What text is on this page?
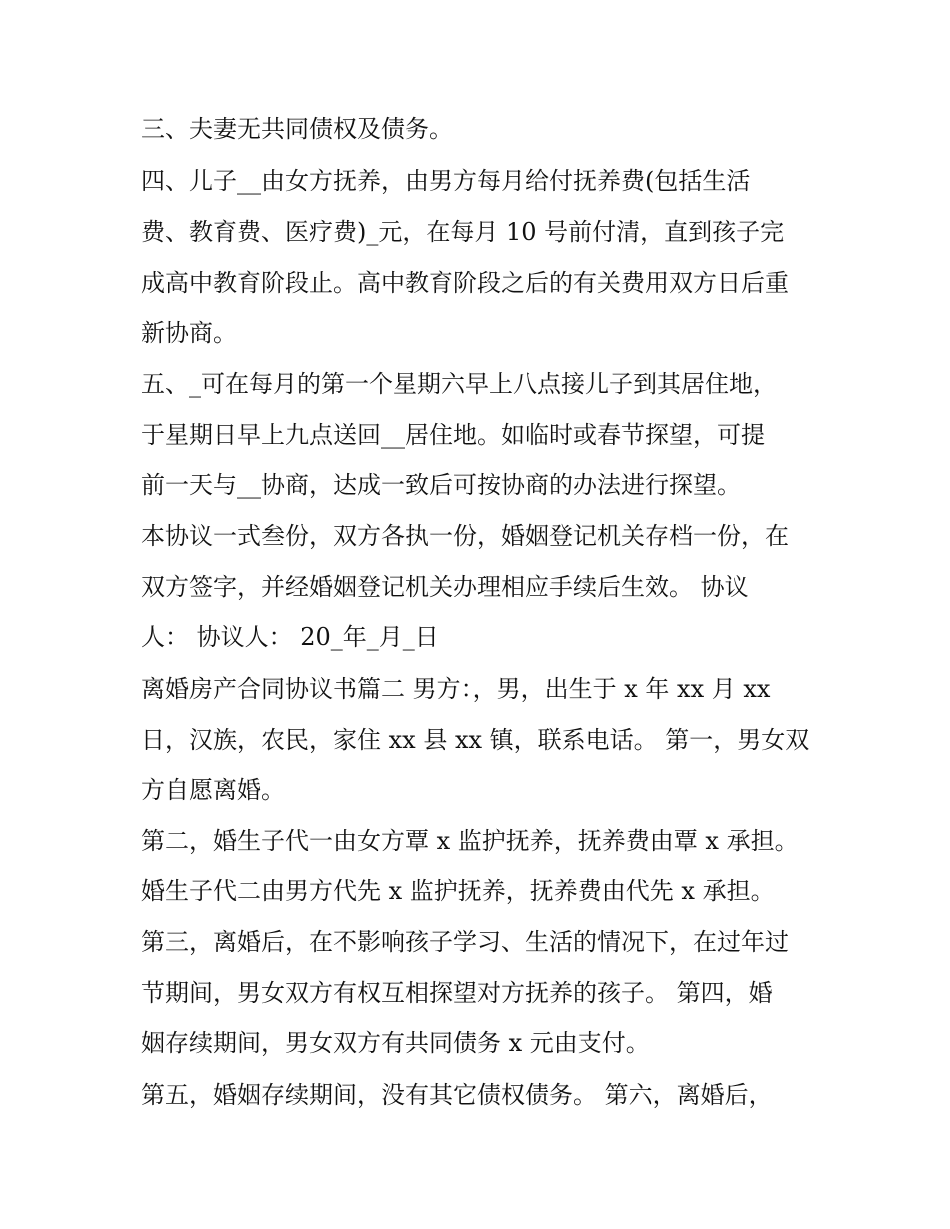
三、夫妻无共同债权及债务。
四、儿子__由女方抚养，由男方每月给付抚养费(包括生活
费、教育费、医疗费)_元，在每月 10 号前付清，直到孩子完
成高中教育阶段止。高中教育阶段之后的有关费用双方日后重
新协商。
五、_可在每月的第一个星期六早上八点接儿子到其居住地，
于星期日早上九点送回__居住地。如临时或春节探望，可提
前一天与__协商，达成一致后可按协商的办法进行探望。
本协议一式叁份，双方各执一份，婚姻登记机关存档一份，在
双方签字，并经婚姻登记机关办理相应手续后生效。 协议
人： 协议人： 20_年_月_日
离婚房产合同协议书篇二 男方：，男，出生于 x 年 xx 月 xx
日，汉族，农民，家住 xx 县 xx 镇，联系电话。 第一，男女双
方自愿离婚。
第二，婚生子代一由女方覃 x 监护抚养，抚养费由覃 x 承担。
婚生子代二由男方代先 x 监护抚养，抚养费由代先 x 承担。
第三，离婚后，在不影响孩子学习、生活的情况下，在过年过
节期间，男女双方有权互相探望对方抚养的孩子。 第四，婚
姻存续期间，男女双方有共同债务 x 元由支付。
第五，婚姻存续期间，没有其它债权债务。 第六，离婚后，
